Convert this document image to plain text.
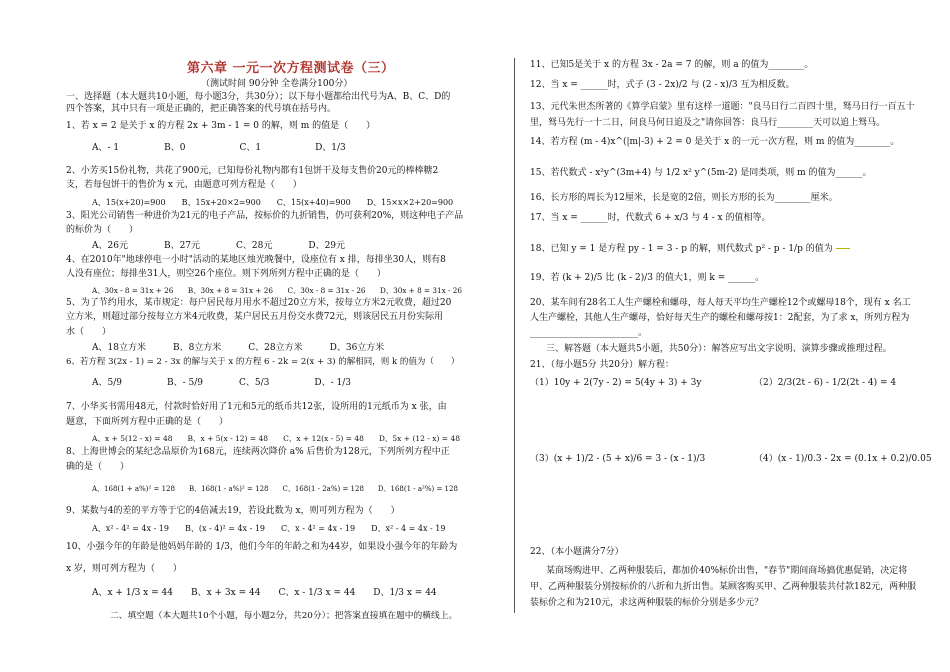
第六章 一元一次方程测试卷（三）
（测试时间 90分钟 全卷满分100分）
一、选择题（本大题共10小题，每小题3分，共30分）；以下每小题都给出代号为A、B、C、D的
四个答案，其中只有一项是正确的，把正确答案的代号填在括号内。
1、若 x = 2 是关于 x 的方程 2x + 3m - 1 = 0 的解，则 m 的值是（　　）
A、- 1　　　　　B、0　　　　　　C、1　　　　　　D、1/3
2、小芳买15份礼物，共花了900元，已知每份礼物内都有1包饼干及每支售价20元的棒棒糖2
支，若每包饼干的售价为 x 元，由题意可列方程是（　　）
A、15(x+20)=900　　B、15x+20×2=900　　C、15(x+40)=900　　D、15×x×2+20=900
3、阳光公司销售一种进价为21元的电子产品，按标价的九折销售，仍可获利20%，则这种电子产品
的标价为（　　）
A、26元　　　　B、27元　　　　C、28元　　　　D、29元
4、在2010年"地球停电一小时"活动的某地区烛光晚餐中，设座位有 x 排，每排坐30人，则有8
人没有座位；每排坐31人，则空26个座位。则下列所列方程中正确的是（　　）
A、30x - 8 = 31x + 26　　B、30x + 8 = 31x + 26　　C、30x - 8 = 31x - 26　　D、30x + 8 = 31x - 26
5、为了节约用水，某市规定：每户居民每月用水不超过20立方米，按每立方米2元收费，超过20
立方米，则超过部分按每立方米4元收费，某户居民五月份交水费72元，则该居民五月份实际用
水（　　）
A、18立方米　　　B、8立方米　　　C、28立方米　　　D、36立方米
6、若方程 3(2x - 1) = 2 - 3x 的解与关于 x 的方程 6 - 2k = 2(x + 3) 的解相同，则 k 的值为（　　）
A、5/9　　　　　B、- 5/9　　　　C、5/3　　　　　D、- 1/3
7、小华买书需用48元，付款时恰好用了1元和5元的纸币共12张，设所用的1元纸币为 x 张，由
题意，下面所列方程中正确的是（　　）
A、x + 5(12 - x) = 48　　B、x + 5(x - 12) = 48　　C、x + 12(x - 5) = 48　　D、5x + (12 - x) = 48
8、上海世博会的某纪念品原价为168元，连续两次降价 a% 后售价为128元，下列所列方程中正
确的是（　　）
A、168(1 + a%)² = 128　　B、168(1 - a%)² = 128　　C、168(1 - 2a%) = 128　　D、168(1 - a²%) = 128
9、某数与4的差的平方等于它的4倍减去19，若设此数为 x，则可列方程为（　　）
A、x² - 4² = 4x - 19　　B、(x - 4)² = 4x - 19　　C、x - 4² = 4x - 19　　D、x² - 4 = 4x - 19
10、小强今年的年龄是他妈妈年龄的 1/3，他们今年的年龄之和为44岁，如果设小强今年的年龄为
x 岁，则可列方程为（　　）
A、x + 1/3 x = 44　　B、x + 3x = 44　　C、x - 1/3 x = 44　　D、1/3 x = 44
二、填空题（本大题共10个小题，每小题2分，共20分）；把答案直接填在题中的横线上。
11、已知5是关于 x 的方程 3x - 2a = 7 的解，则 a 的值为________。
12、当 x = ______时，式子 (3 - 2x)/2 与 (2 - x)/3 互为相反数。
13、元代朱世杰所著的《算学启蒙》里有这样一道题："良马日行二百四十里，驽马日行一百五十
里，驽马先行一十二日，问良马何日追及之"请你回答：良马行________天可以追上驽马。
14、若方程 (m - 4)x^(|m|-3) + 2 = 0 是关于 x 的一元一次方程，则 m 的值为________。
15、若代数式 - x²y^(3m+4) 与 1/2 x² y^(5m-2) 是同类项，则 m 的值为______。
16、长方形的周长为12厘米，长是宽的2倍，则长方形的长为________厘米。
17、当 x = ______时，代数式 6 + x/3 与 4 - x 的值相等。
18、已知 y = 1 是方程 py - 1 = 3 - p 的解，则代数式 p² - p - 1/p 的值为
19、若 (k + 2)/5 比 (k - 2)/3 的值大1，则 k = ______。
20、某车间有28名工人生产螺栓和螺母，每人每天平均生产螺栓12个或螺母18个，现有 x 名工
人生产螺栓，其他人生产螺母，恰好每天生产的螺栓和螺母按1：2配套，为了求 x，所列方程为
________________________。
三、解答题（本大题共5小题，共50分）：解答应写出文字说明、演算步骤或推理过程。
21、（每小题5分 共20分）解方程：
（1）10y + 2(7y - 2) = 5(4y + 3) + 3y	（2）2/3(2t - 6) - 1/2(2t - 4) = 4
（3）(x + 1)/2 - (5 + x)/6 = 3 - (x - 1)/3	（4）(x - 1)/0.3 - 2x = (0.1x + 0.2)/0.05
22、（本小题满分7分）
某商场购进甲、乙两种服装后，都加价40%标价出售，"春节"期间商场搞优惠促销，决定将
甲、乙两种服装分别按标价的八折和九折出售。某顾客购买甲、乙两种服装共付款182元，两种服
装标价之和为210元，求这两种服装的标价分别是多少元？
